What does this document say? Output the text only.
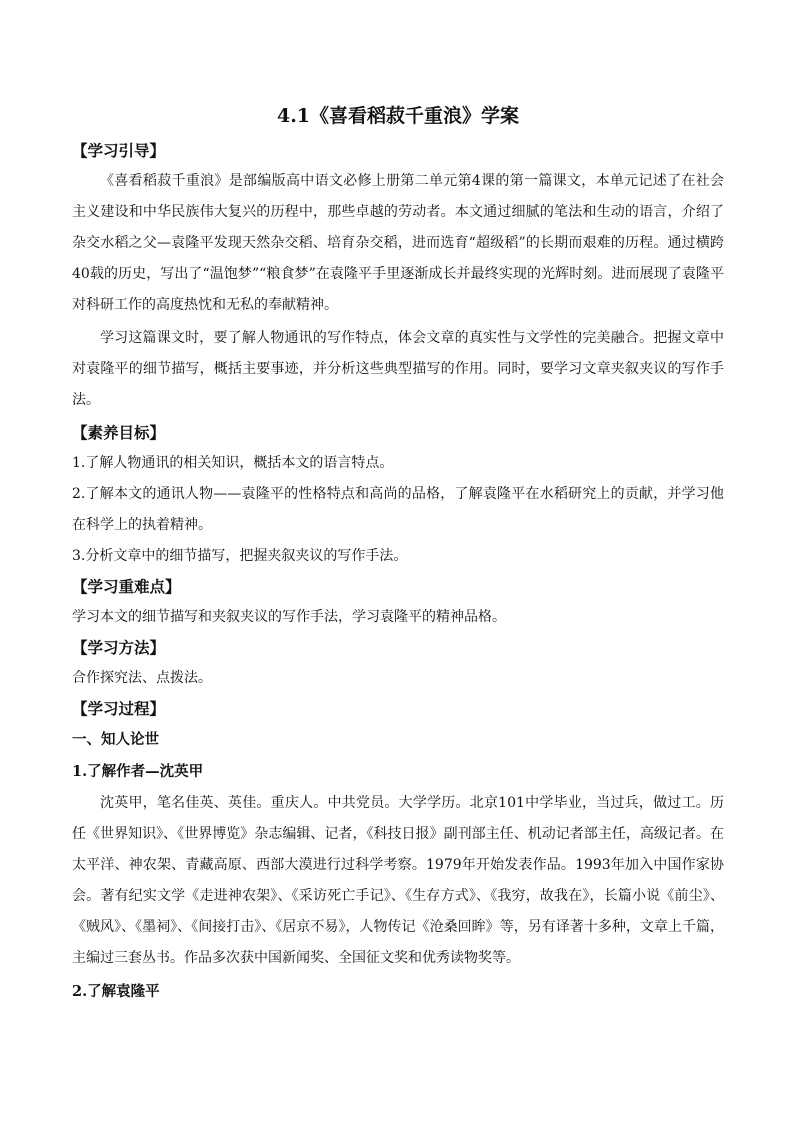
4.1《喜看稻菽千重浪》学案
【学习引导】

《喜看稻菽千重浪》是部编版高中语文必修上册第二单元第4课的第一篇课文，本单元记述了在社会主义建设和中华民族伟大复兴的历程中，那些卓越的劳动者。本文通过细腻的笔法和生动的语言，介绍了杂交水稻之父—袁隆平发现天然杂交稻、培育杂交稻，进而选育“超级稻”的长期而艰难的历程。通过横跨40载的历史，写出了“温饱梦”“粮食梦”在袁隆平手里逐渐成长并最终实现的光辉时刻。进而展现了袁隆平对科研工作的高度热忱和无私的奉献精神。

学习这篇课文时，要了解人物通讯的写作特点，体会文章的真实性与文学性的完美融合。把握文章中对袁隆平的细节描写，概括主要事迹，并分析这些典型描写的作用。同时，要学习文章夹叙夹议的写作手法。

【素养目标】

1.了解人物通讯的相关知识，概括本文的语言特点。

2.了解本文的通讯人物——袁隆平的性格特点和高尚的品格，了解袁隆平在水稻研究上的贡献，并学习他在科学上的执着精神。

3.分析文章中的细节描写，把握夹叙夹议的写作手法。

【学习重难点】

学习本文的细节描写和夹叙夹议的写作手法，学习袁隆平的精神品格。

【学习方法】

合作探究法、点拨法。

【学习过程】
一、知人论世
1.了解作者—沈英甲

沈英甲，笔名佳英、英佳。重庆人。中共党员。大学学历。北京101中学毕业，当过兵，做过工。历任《世界知识》、《世界博览》杂志编辑、记者，《科技日报》副刊部主任、机动记者部主任，高级记者。在太平洋、神农架、青藏高原、西部大漠进行过科学考察。1979年开始发表作品。1993年加入中国作家协会。著有纪实文学《走进神农架》、《采访死亡手记》、《生存方式》、《我穷，故我在》，长篇小说《前尘》、《贼风》、《墨祠》、《间接打击》、《居京不易》，人物传记《沧桑回眸》等，另有译著十多种，文章上千篇，主编过三套丛书。作品多次获中国新闻奖、全国征文奖和优秀读物奖等。

2.了解袁隆平
